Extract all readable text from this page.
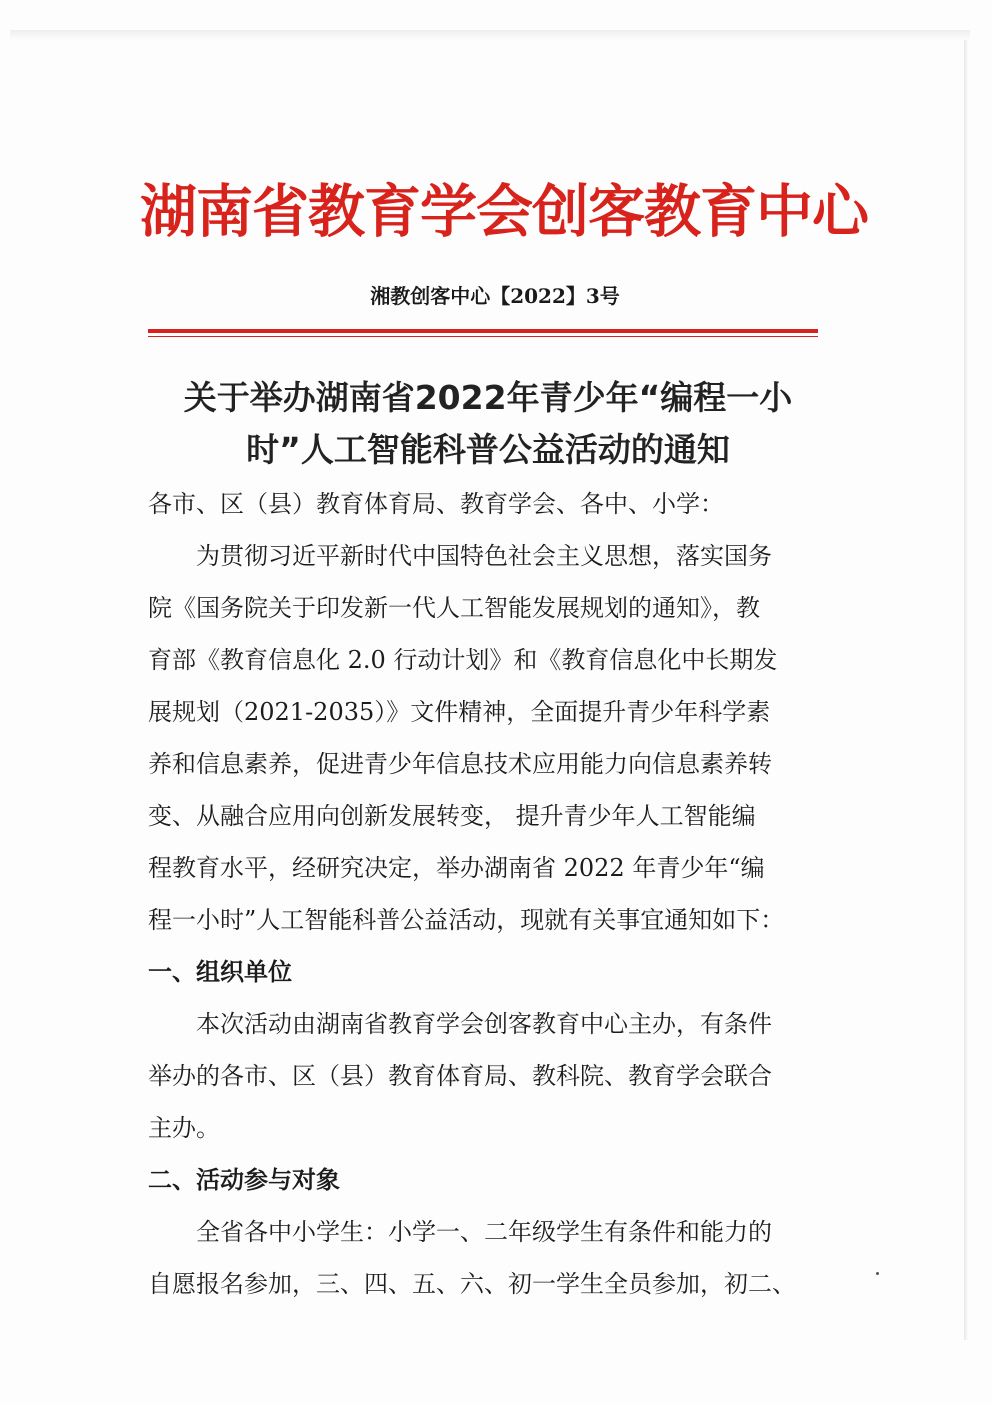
湖南省教育学会创客教育中心
湘教创客中心【2022】3号
关于举办湖南省2022年青少年“编程一小
时”人工智能科普公益活动的通知
各市、区（县）教育体育局、教育学会、各中、小学：
为贯彻习近平新时代中国特色社会主义思想，落实国务
院《国务院关于印发新一代人工智能发展规划的通知》，教
育部《教育信息化 2.0 行动计划》和《教育信息化中长期发
展规划（2021-2035）》文件精神，全面提升青少年科学素
养和信息素养，促进青少年信息技术应用能力向信息素养转
变、从融合应用向创新发展转变， 提升青少年人工智能编
程教育水平，经研究决定，举办湖南省 2022 年青少年“编
程一小时”人工智能科普公益活动，现就有关事宜通知如下：
一、组织单位
本次活动由湖南省教育学会创客教育中心主办，有条件
举办的各市、区（县）教育体育局、教科院、教育学会联合
主办。
二、活动参与对象
全省各中小学生：小学一、二年级学生有条件和能力的
自愿报名参加，三、四、五、六、初一学生全员参加，初二、
